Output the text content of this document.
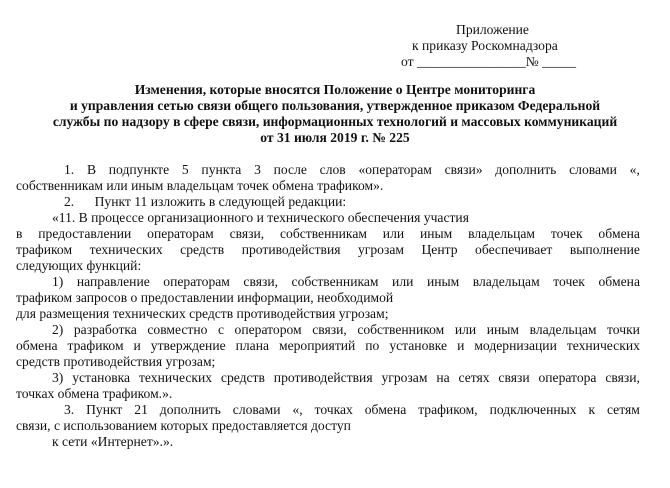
Приложение
к приказу Роскомнадзора
от ________________№ _____
Изменения, которые вносятся Положение о Центре мониторинга
и управления сетью связи общего пользования, утвержденное приказом Федеральной
службы по надзору в сфере связи, информационных технологий и массовых коммуникаций
от 31 июля 2019 г. № 225
1. В подпункте 5 пункта 3 после слов «операторам связи» дополнить словами «,
собственникам или иным владельцам точек обмена трафиком».
2.      Пункт 11 изложить в следующей редакции:
«11. В процессе организационного и технического обеспечения участия
в предоставлении операторам связи, собственникам или иным владельцам точек обмена
трафиком технических средств противодействия угрозам Центр обеспечивает выполнение
следующих функций:
1) направление операторам связи, собственникам или иным владельцам точек обмена
трафиком запросов о предоставлении информации, необходимой
для размещения технических средств противодействия угрозам;
2) разработка совместно с оператором связи, собственником или иным владельцам точки
обмена трафиком и утверждение плана мероприятий по установке и модернизации технических
средств противодействия угрозам;
3) установка технических средств противодействия угрозам на сетях связи оператора связи,
точках обмена трафиком.».
3. Пункт 21 дополнить словами «, точках обмена трафиком, подключенных к сетям
связи, с использованием которых предоставляется доступ
к сети «Интернет».».
